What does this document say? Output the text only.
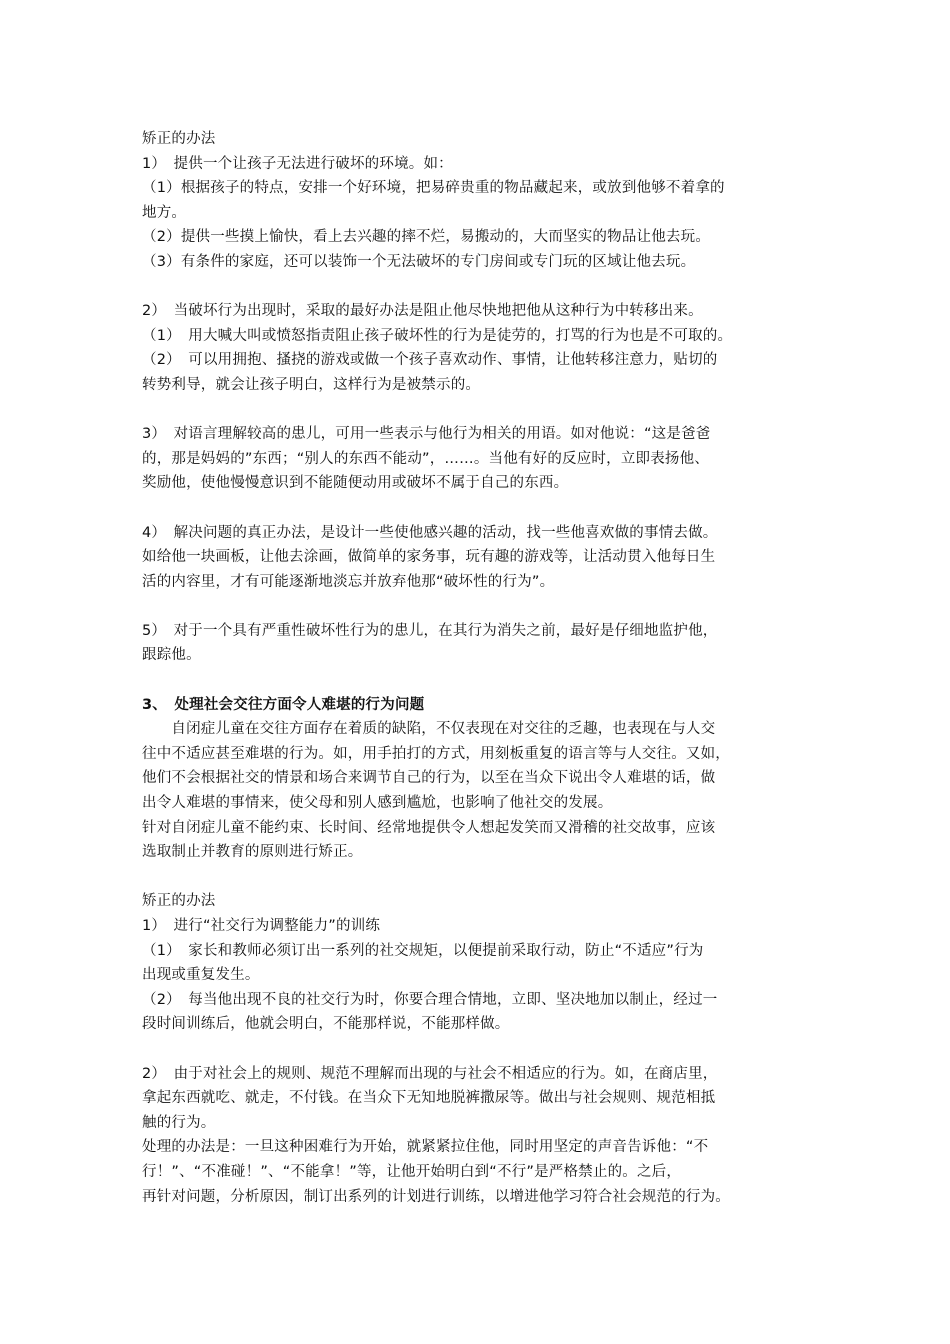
矫正的办法

1）　提供一个让孩子无法进行破坏的环境。如：

（1）根据孩子的特点，安排一个好环境，把易碎贵重的物品藏起来，或放到他够不着拿的

地方。

（2）提供一些摸上愉快，看上去兴趣的摔不烂，易搬动的，大而坚实的物品让他去玩。

（3）有条件的家庭，还可以装饰一个无法破坏的专门房间或专门玩的区域让他去玩。

2）　当破坏行为出现时，采取的最好办法是阻止他尽快地把他从这种行为中转移出来。

（1）　用大喊大叫或愤怒指责阻止孩子破坏性的行为是徒劳的，打骂的行为也是不可取的。

（2）　可以用拥抱、搔挠的游戏或做一个孩子喜欢动作、事情，让他转移注意力，贴切的

转势利导，就会让孩子明白，这样行为是被禁示的。

3）　对语言理解较高的患儿，可用一些表示与他行为相关的用语。如对他说：“这是爸爸

的，那是妈妈的”东西；“别人的东西不能动”，……。当他有好的反应时，立即表扬他、

奖励他，使他慢慢意识到不能随便动用或破坏不属于自己的东西。

4）　解决问题的真正办法，是设计一些使他感兴趣的活动，找一些他喜欢做的事情去做。

如给他一块画板，让他去涂画，做简单的家务事，玩有趣的游戏等，让活动贯入他每日生

活的内容里，才有可能逐渐地淡忘并放弃他那“破坏性的行为”。

5）　对于一个具有严重性破坏性行为的患儿，在其行为消失之前，最好是仔细地监护他，

跟踪他。

3、　处理社会交往方面令人难堪的行为问题

　　自闭症儿童在交往方面存在着质的缺陷，不仅表现在对交往的乏趣，也表现在与人交

往中不适应甚至难堪的行为。如，用手拍打的方式，用刻板重复的语言等与人交往。又如，

他们不会根据社交的情景和场合来调节自己的行为，以至在当众下说出令人难堪的话，做

出令人难堪的事情来，使父母和别人感到尴尬，也影响了他社交的发展。

针对自闭症儿童不能约束、长时间、经常地提供令人想起发笑而又滑稽的社交故事，应该

选取制止并教育的原则进行矫正。

矫正的办法

1）　进行“社交行为调整能力”的训练

（1）　家长和教师必须订出一系列的社交规矩，以便提前采取行动，防止“不适应”行为

出现或重复发生。

（2）　每当他出现不良的社交行为时，你要合理合情地，立即、坚决地加以制止，经过一

段时间训练后，他就会明白，不能那样说，不能那样做。

2）　由于对社会上的规则、规范不理解而出现的与社会不相适应的行为。如，在商店里，

拿起东西就吃、就走，不付钱。在当众下无知地脱裤撒尿等。做出与社会规则、规范相抵

触的行为。

处理的办法是：一旦这种困难行为开始，就紧紧拉住他，同时用坚定的声音告诉他：“不

行！”、“不准碰！”、“不能拿！”等，让他开始明白到“不行”是严格禁止的。之后，

再针对问题，分析原因，制订出系列的计划进行训练，以增进他学习符合社会规范的行为。
